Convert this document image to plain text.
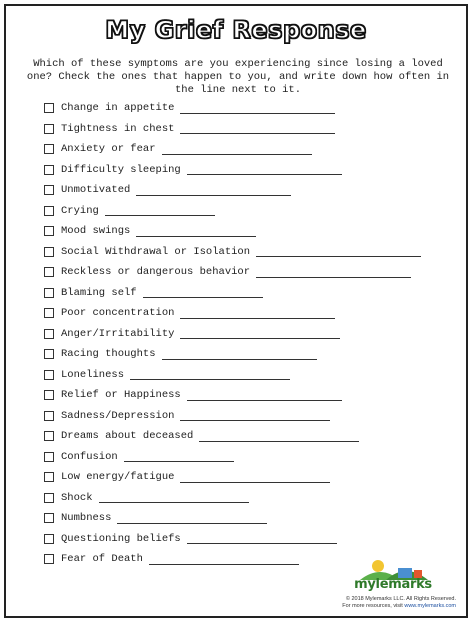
My Grief Response
Which of these symptoms are you experiencing since losing a loved one? Check the ones that happen to you, and write down how often in the line next to it.
Change in appetite
Tightness in chest
Anxiety or fear
Difficulty sleeping
Unmotivated
Crying
Mood swings
Social Withdrawal or Isolation
Reckless or dangerous behavior
Blaming self
Poor concentration
Anger/Irritability
Racing thoughts
Loneliness
Relief or Happiness
Sadness/Depression
Dreams about deceased
Confusion
Low energy/fatigue
Shock
Numbness
Questioning beliefs
Fear of Death
mylemarks
© 2018 Mylemarks LLC. All Rights Reserved.
For more resources, visit www.mylemarks.com
